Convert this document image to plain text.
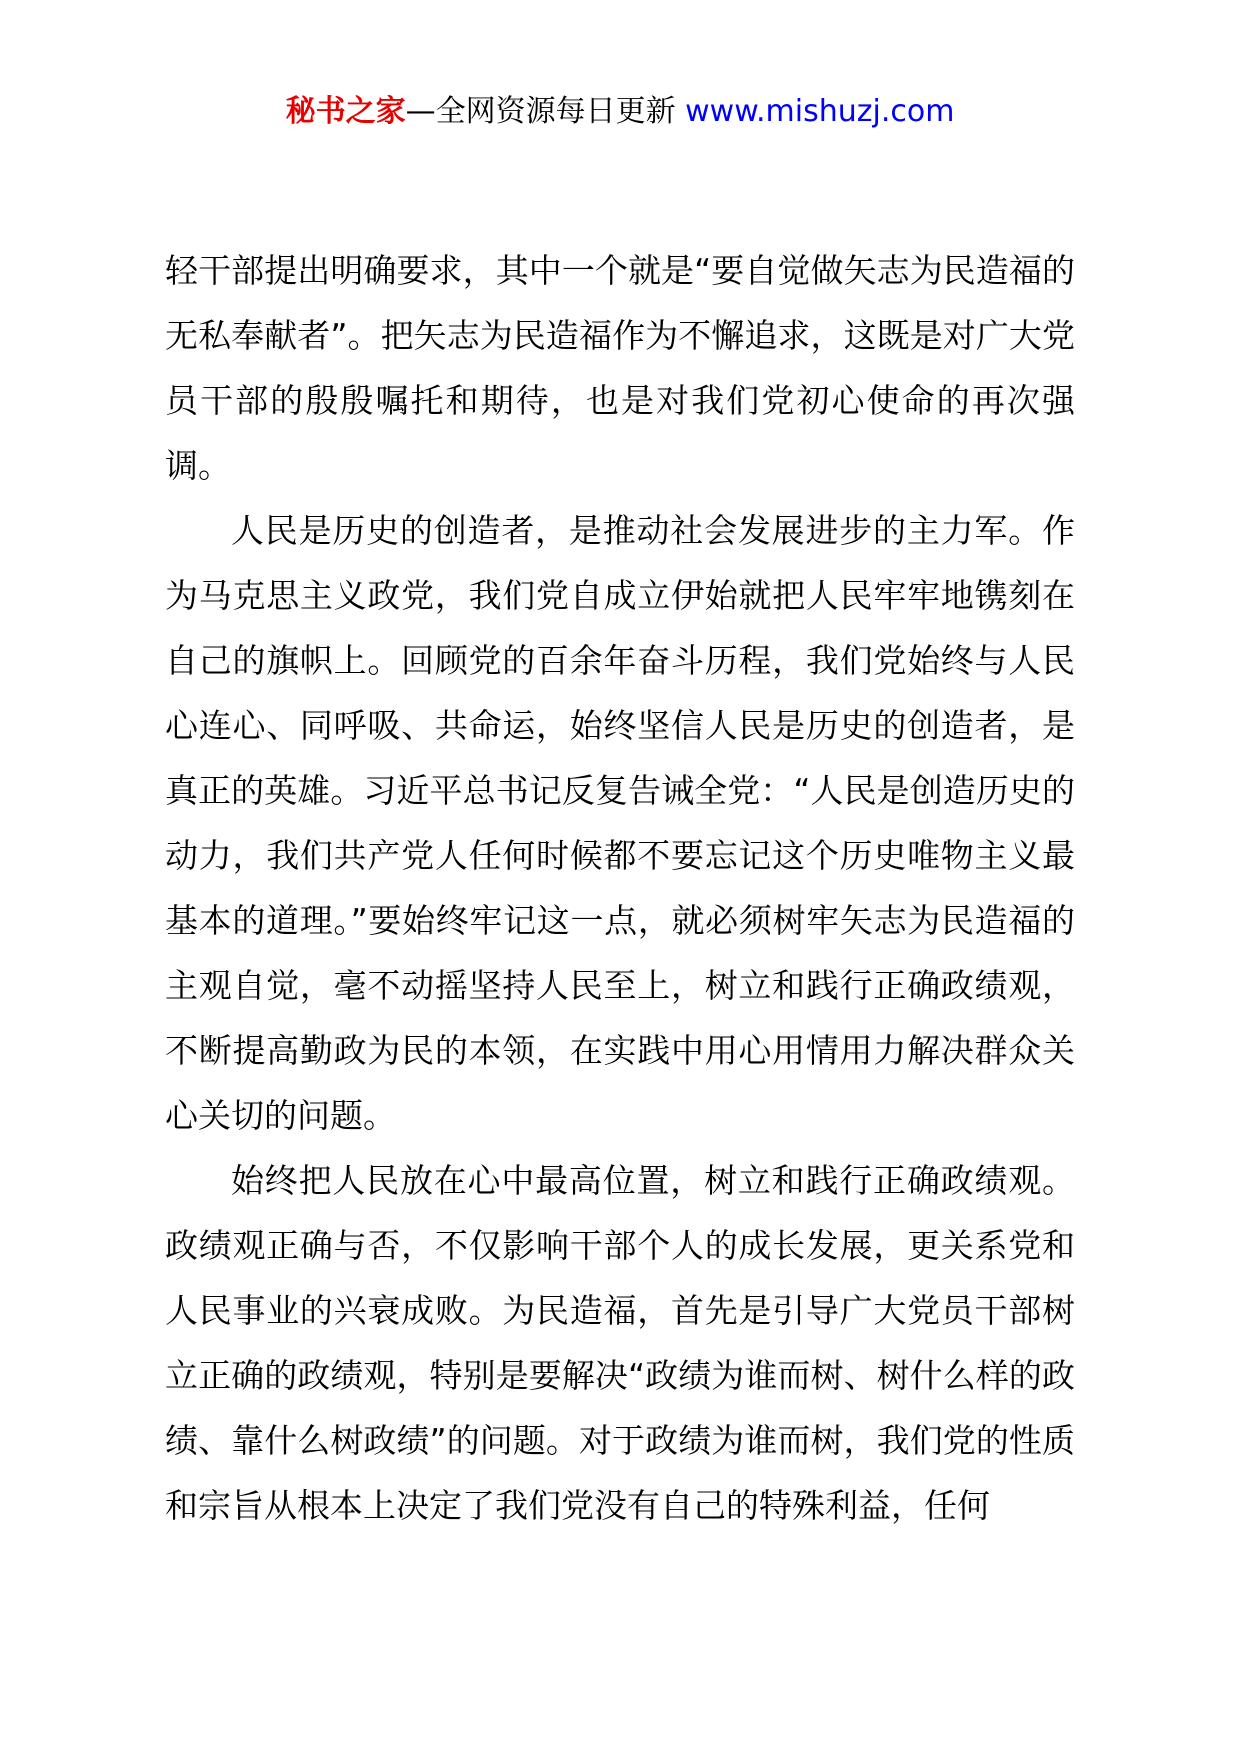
秘书之家—全网资源每日更新 www.mishuzj.com

轻干部提出明确要求，其中一个就是“要自觉做矢志为民造福的无私奉献者”。把矢志为民造福作为不懈追求，这既是对广大党员干部的殷殷嘱托和期待，也是对我们党初心使命的再次强调。

人民是历史的创造者，是推动社会发展进步的主力军。作为马克思主义政党，我们党自成立伊始就把人民牢牢地镌刻在自己的旗帜上。回顾党的百余年奋斗历程，我们党始终与人民心连心、同呼吸、共命运，始终坚信人民是历史的创造者，是真正的英雄。习近平总书记反复告诫全党：“人民是创造历史的动力，我们共产党人任何时候都不要忘记这个历史唯物主义最基本的道理。”要始终牢记这一点，就必须树牢矢志为民造福的主观自觉，毫不动摇坚持人民至上，树立和践行正确政绩观，不断提高勤政为民的本领，在实践中用心用情用力解决群众关心关切的问题。

始终把人民放在心中最高位置，树立和践行正确政绩观。政绩观正确与否，不仅影响干部个人的成长发展，更关系党和人民事业的兴衰成败。为民造福，首先是引导广大党员干部树立正确的政绩观，特别是要解决“政绩为谁而树、树什么样的政绩、靠什么树政绩”的问题。对于政绩为谁而树，我们党的性质和宗旨从根本上决定了我们党没有自己的特殊利益，任何
